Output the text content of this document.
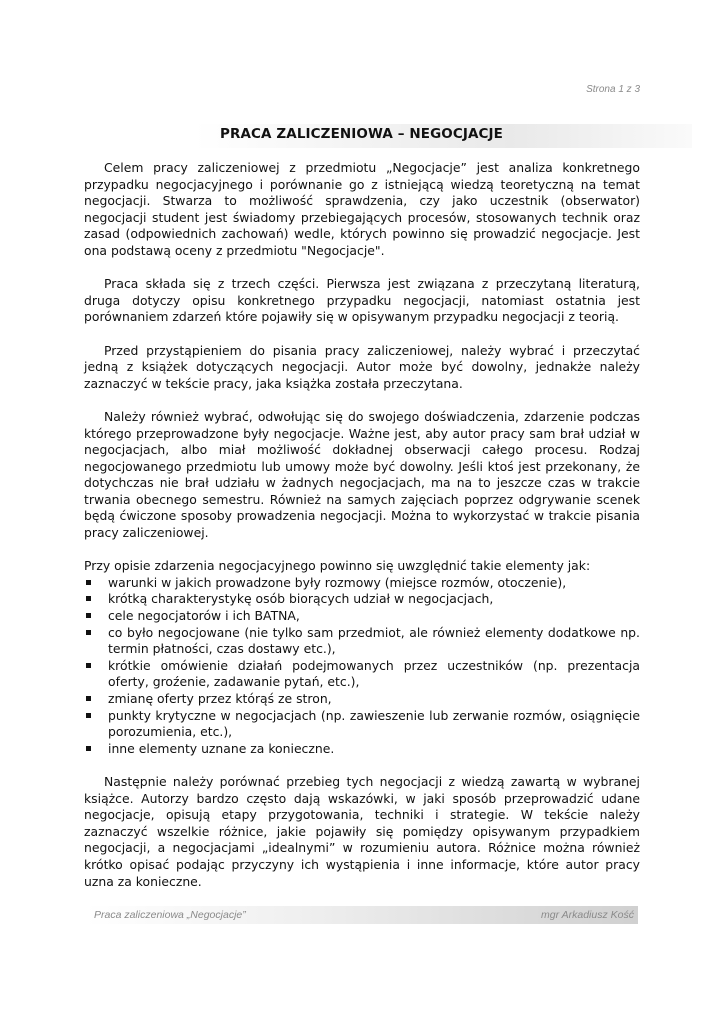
Strona 1 z 3
PRACA ZALICZENIOWA – NEGOCJACJE

Celem pracy zaliczeniowej z przedmiotu „Negocjacje” jest analiza konkretnego przypadku negocjacyjnego i porównanie go z istniejącą wiedzą teoretyczną na temat negocjacji. Stwarza to możliwość sprawdzenia, czy jako uczestnik (obserwator) negocjacji student jest świadomy przebiegających procesów, stosowanych technik oraz zasad (odpowiednich zachowań) wedle, których powinno się prowadzić negocjacje. Jest ona podstawą oceny z przedmiotu "Negocjacje".

Praca składa się z trzech części. Pierwsza jest związana z przeczytaną literaturą, druga dotyczy opisu konkretnego przypadku negocjacji, natomiast ostatnia jest porównaniem zdarzeń które pojawiły się w opisywanym przypadku negocjacji z teorią.

Przed przystąpieniem do pisania pracy zaliczeniowej, należy wybrać i przeczytać jedną z książek dotyczących negocjacji. Autor może być dowolny, jednakże należy zaznaczyć w tekście pracy, jaka książka została przeczytana.

Należy również wybrać, odwołując się do swojego doświadczenia, zdarzenie podczas którego przeprowadzone były negocjacje. Ważne jest, aby autor pracy sam brał udział w negocjacjach, albo miał możliwość dokładnej obserwacji całego procesu. Rodzaj negocjowanego przedmiotu lub umowy może być dowolny. Jeśli ktoś jest przekonany, że dotychczas nie brał udziału w żadnych negocjacjach, ma na to jeszcze czas w trakcie trwania obecnego semestru. Również na samych zajęciach poprzez odgrywanie scenek będą ćwiczone sposoby prowadzenia negocjacji. Można to wykorzystać w trakcie pisania pracy zaliczeniowej.

Przy opisie zdarzenia negocjacyjnego powinno się uwzględnić takie elementy jak:

warunki w jakich prowadzone były rozmowy (miejsce rozmów, otoczenie),
krótką charakterystykę osób biorących udział w negocjacjach,
cele negocjatorów i ich BATNA,
co było negocjowane (nie tylko sam przedmiot, ale również elementy dodatkowe np. termin płatności, czas dostawy etc.),
krótkie omówienie działań podejmowanych przez uczestników (np. prezentacja oferty, groźenie, zadawanie pytań, etc.),
zmianę oferty przez którąś ze stron,
punkty krytyczne w negocjacjach (np. zawieszenie lub zerwanie rozmów, osiągnięcie porozumienia, etc.),
inne elementy uznane za konieczne.

Następnie należy porównać przebieg tych negocjacji z wiedzą zawartą w wybranej książce. Autorzy bardzo często dają wskazówki, w jaki sposób przeprowadzić udane negocjacje, opisują etapy przygotowania, techniki i strategie. W tekście należy zaznaczyć wszelkie różnice, jakie pojawiły się pomiędzy opisywanym przypadkiem negocjacji, a negocjacjami „idealnymi” w rozumieniu autora. Różnice można również krótko opisać podając przyczyny ich wystąpienia i inne informacje, które autor pracy uzna za konieczne.

Praca zaliczeniowa „Negocjacje”	mgr Arkadiusz Kość
